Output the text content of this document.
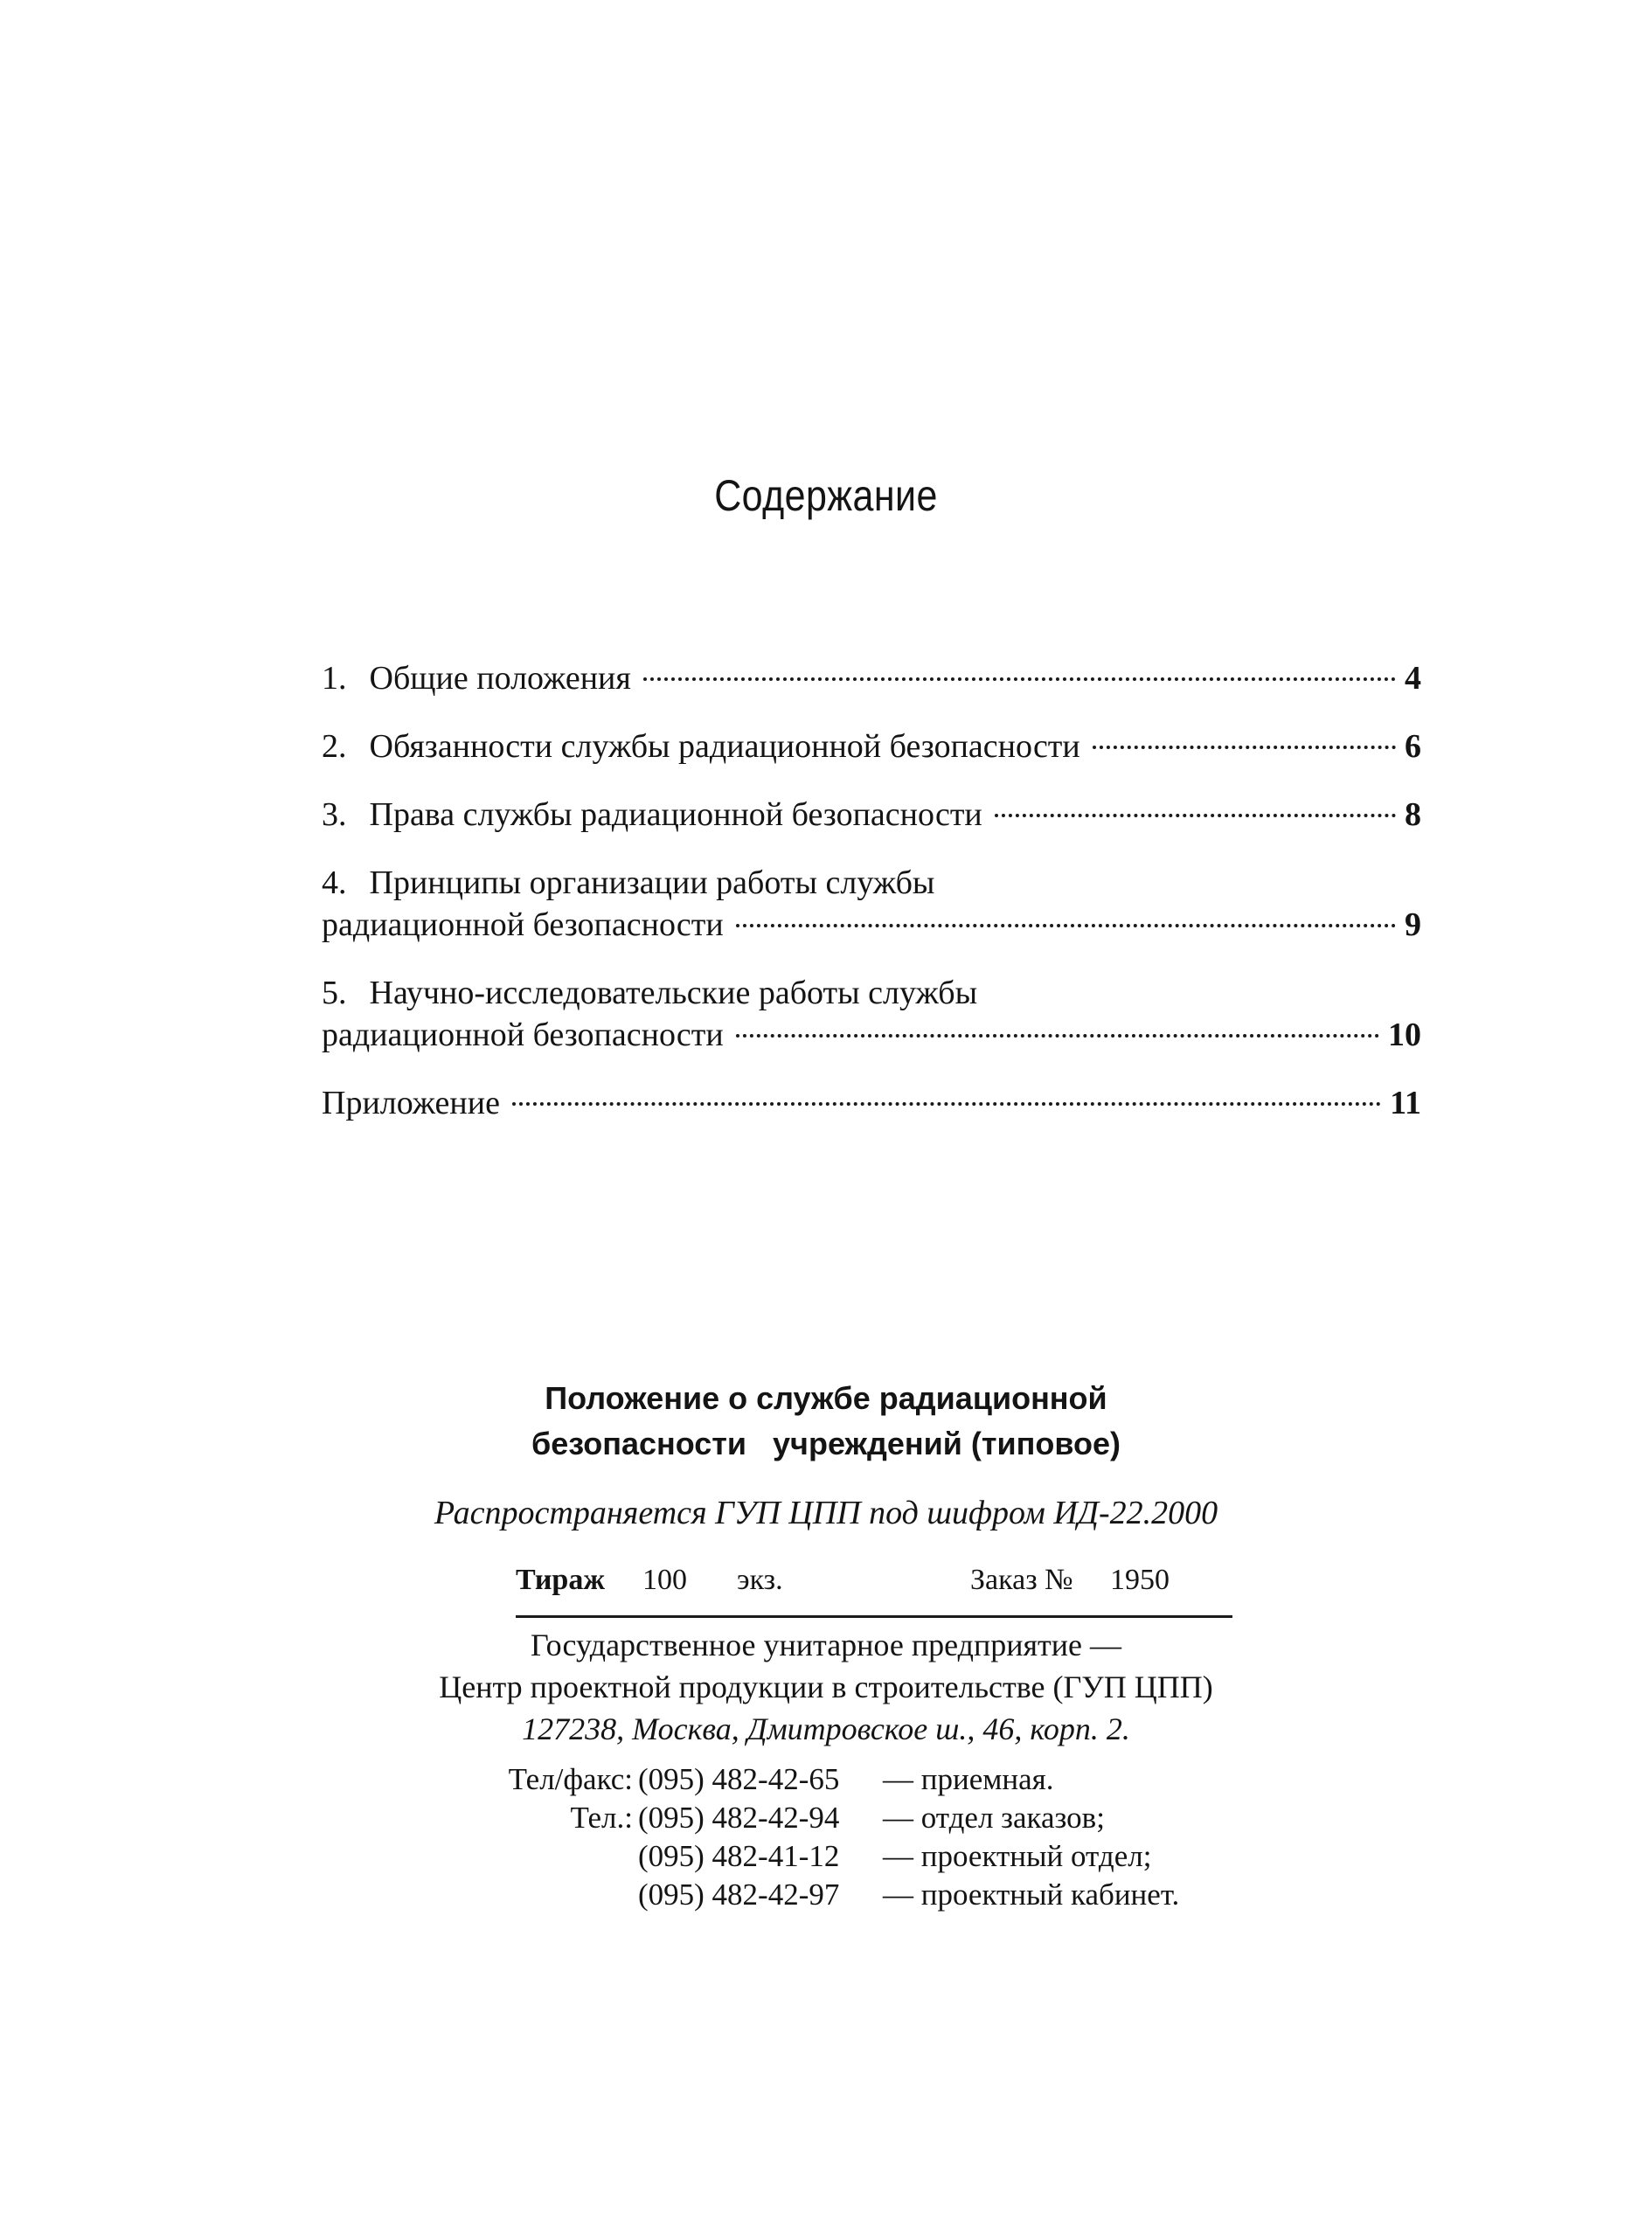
Содержание
1. Общие положения	4
2. Обязанности службы радиационной безопасности	6
3. Права службы радиационной безопасности	8
4. Принципы организации работы службы
радиационной безопасности	9
5. Научно-исследовательские работы службы
радиационной безопасности	10
Приложение	11
Положение о службе радиационной
безопасности   учреждений (типовое)
Распространяется ГУП ЦПП под шифром ИД-22.2000
Тираж 100 экз.	Заказ № 1950
Государственное унитарное предприятие —
Центр проектной продукции в строительстве (ГУП ЦПП)
127238, Москва, Дмитровское ш., 46, корп. 2.
Тел/факс: (095) 482-42-65 — приемная.
Тел.: (095) 482-42-94 — отдел заказов;
(095) 482-41-12 — проектный отдел;
(095) 482-42-97 — проектный кабинет.
